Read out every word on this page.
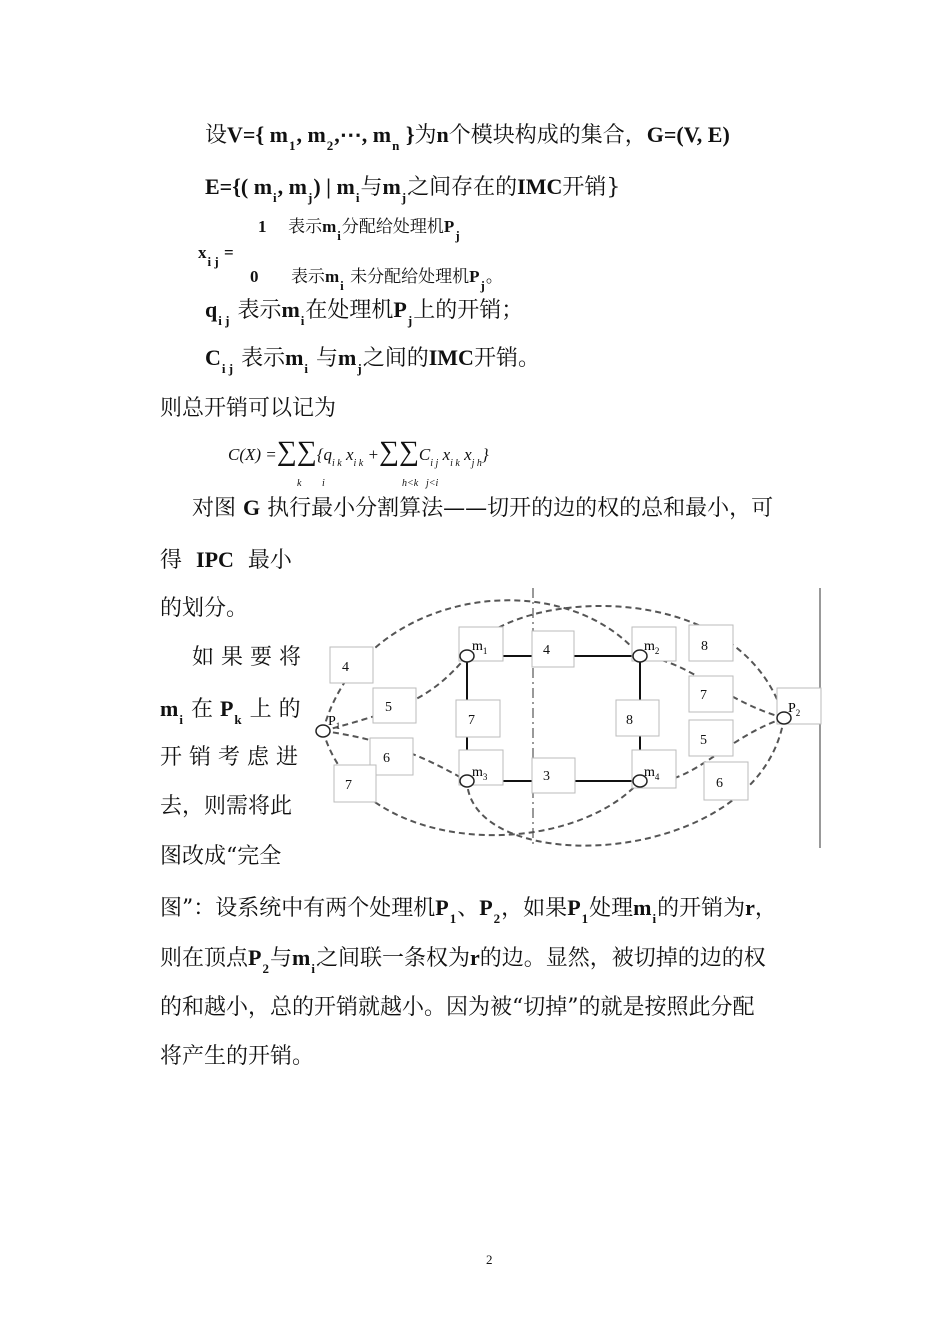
设V={ $m_1$, $m_2,\cdots$, $m_n$ }为n个模块构成的集合，G=(V, E)
E={( $m_i$, $m_j$) | $m_i$与$m_j$之间存在的IMC开销}
1 表示$m_i$分配给处理机$P_j$
$x_{i j}$ =
0 表示$m_i$ 未分配给处理机$P_j$。
$q_{i j}$ 表示$m_i$在处理机$P_j$上的开销；
$C_{i j}$ 表示$m_i$ 与$m_j$之间的IMC开销。
则总开销可以记为
$C(X) =\sum\sum\{q_{i k}$ $x_{i k} +\sum\sum C_{i j}$ $x_{i k}$ $x_{j h}$}
k i	h<k j<i
对图 G 执行最小分割算法——切开的边的权的总和最小，可
得 IPC 最小
的划分。
如 果 要 将
$m_i$ 在 $P_k$ 上 的
开 销 考 虑 进
去，则需将此
图改成“完全
$m_1$	$m_2$
$m_3$	$m_4$
$P_1$
$P_2$
4
5
6
7
4
7	8
3
8
7
5
6
图”：设系统中有两个处理机$P_1$、$P_2$，如果$P_1$处理$m_i$的开销为r，
则在顶点$P_2$与$m_i$之间联一条权为r的边。显然，被切掉的边的权
的和越小，总的开销就越小。因为被“切掉”的就是按照此分配
将产生的开销。
2
